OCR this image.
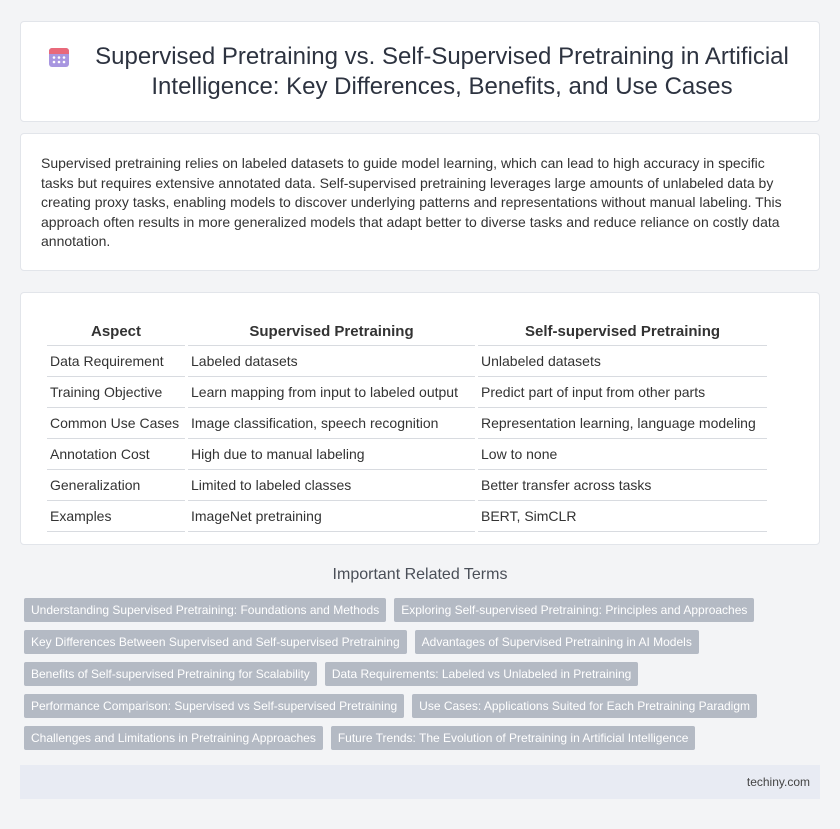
Supervised Pretraining vs. Self-Supervised Pretraining in Artificial Intelligence: Key Differences, Benefits, and Use Cases

Supervised pretraining relies on labeled datasets to guide model learning, which can lead to high accuracy in specific tasks but requires extensive annotated data. Self-supervised pretraining leverages large amounts of unlabeled data by creating proxy tasks, enabling models to discover underlying patterns and representations without manual labeling. This approach often results in more generalized models that adapt better to diverse tasks and reduce reliance on costly data annotation.

Aspect		Supervised Pretraining		Self-supervised Pretraining
Data Requirement		Labeled datasets		Unlabeled datasets
Training Objective		Learn mapping from input to labeled output		Predict part of input from other parts
Common Use Cases		Image classification, speech recognition		Representation learning, language modeling
Annotation Cost		High due to manual labeling		Low to none
Generalization		Limited to labeled classes		Better transfer across tasks
Examples		ImageNet pretraining		BERT, SimCLR
Important Related Terms
Understanding Supervised Pretraining: Foundations and Methods	Exploring Self-supervised Pretraining: Principles and Approaches
Key Differences Between Supervised and Self-supervised Pretraining	Advantages of Supervised Pretraining in AI Models
Benefits of Self-supervised Pretraining for Scalability	Data Requirements: Labeled vs Unlabeled in Pretraining
Performance Comparison: Supervised vs Self-supervised Pretraining	Use Cases: Applications Suited for Each Pretraining Paradigm
Challenges and Limitations in Pretraining Approaches	Future Trends: The Evolution of Pretraining in Artificial Intelligence
techiny.com
